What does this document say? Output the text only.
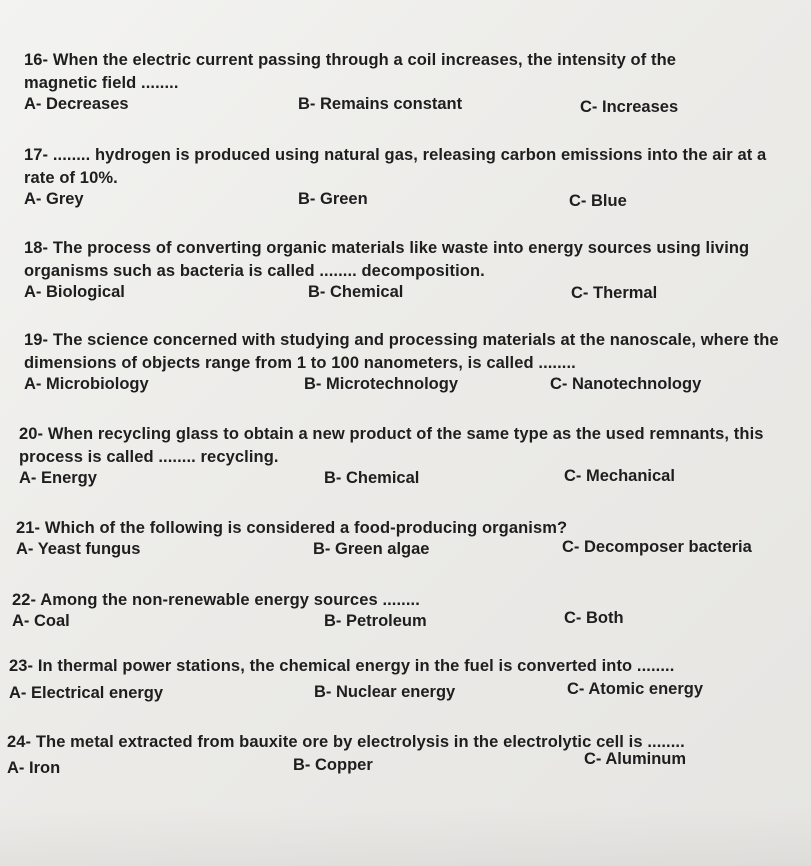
16- When the electric current passing through a coil increases, the intensity of the magnetic field ........
A- Decreases	B- Remains constant	C- Increases
17- ........ hydrogen is produced using natural gas, releasing carbon emissions into the air at a rate of 10%.
A- Grey	B- Green	C- Blue
18- The process of converting organic materials like waste into energy sources using living organisms such as bacteria is called ........ decomposition.
A- Biological	B- Chemical	C- Thermal
19- The science concerned with studying and processing materials at the nanoscale, where the dimensions of objects range from 1 to 100 nanometers, is called ........
A- Microbiology	B- Microtechnology	C- Nanotechnology
20- When recycling glass to obtain a new product of the same type as the used remnants, this process is called ........ recycling.
A- Energy	B- Chemical	C- Mechanical
21- Which of the following is considered a food-producing organism?
A- Yeast fungus	B- Green algae	C- Decomposer bacteria
22- Among the non-renewable energy sources ........
A- Coal	B- Petroleum	C- Both
23- In thermal power stations, the chemical energy in the fuel is converted into ........
A- Electrical energy	B- Nuclear energy	C- Atomic energy
24- The metal extracted from bauxite ore by electrolysis in the electrolytic cell is ........
A- Iron	B- Copper	C- Aluminum
